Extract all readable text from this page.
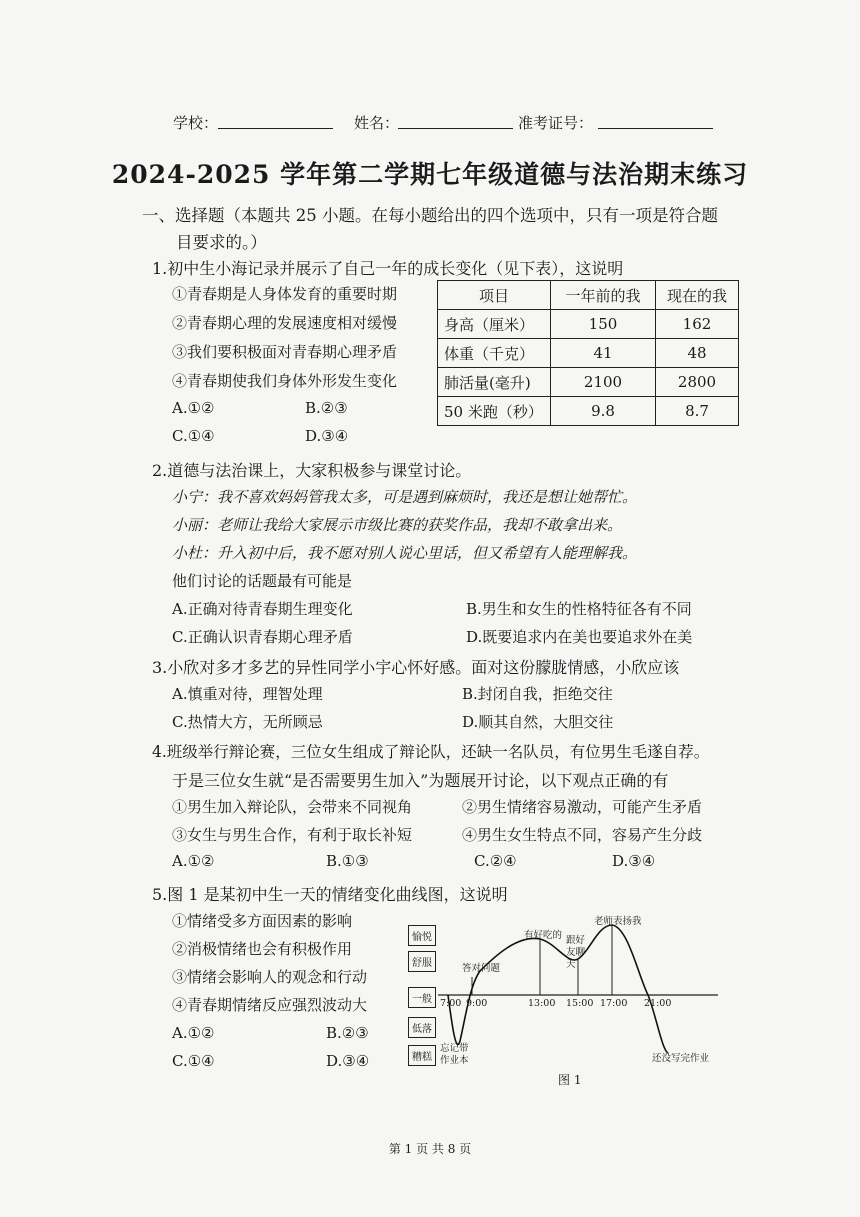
学校：	姓名：	准考证号：
2024-2025 学年第二学期七年级道德与法治期末练习
一、选择题（本题共 25 小题。在每小题给出的四个选项中，只有一项是符合题
目要求的。）
1.初中生小海记录并展示了自己一年的成长变化（见下表），这说明
①青春期是人身体发育的重要时期
②青春期心理的发展速度相对缓慢
③我们要积极面对青春期心理矛盾
④青春期使我们身体外形发生变化
A.①②	B.②③
C.①④	D.③④
项目	一年前的我	现在的我
身高（厘米）	150	162
体重（千克）	41	48
肺活量(毫升)	2100	2800
50 米跑（秒）	9.8	8.7
2.道德与法治课上，大家积极参与课堂讨论。
小宁：我不喜欢妈妈管我太多，可是遇到麻烦时，我还是想让她帮忙。
小丽：老师让我给大家展示市级比赛的获奖作品，我却不敢拿出来。
小杜：升入初中后，我不愿对别人说心里话，但又希望有人能理解我。
他们讨论的话题最有可能是
A.正确对待青春期生理变化	B.男生和女生的性格特征各有不同
C.正确认识青春期心理矛盾	D.既要追求内在美也要追求外在美
3.小欣对多才多艺的异性同学小宇心怀好感。面对这份朦胧情感，小欣应该
A.慎重对待，理智处理	B.封闭自我，拒绝交往
C.热情大方，无所顾忌	D.顺其自然，大胆交往
4.班级举行辩论赛，三位女生组成了辩论队，还缺一名队员，有位男生毛遂自荐。
于是三位女生就“是否需要男生加入”为题展开讨论，以下观点正确的有
①男生加入辩论队，会带来不同视角	②男生情绪容易激动，可能产生矛盾
③女生与男生合作，有利于取长补短	④男生女生特点不同，容易产生分歧
A.①②	B.①③	C.②④	D.③④
5.图 1 是某初中生一天的情绪变化曲线图，这说明
①情绪受多方面因素的影响
②消极情绪也会有积极作用
③情绪会影响人的观念和行动
④青春期情绪反应强烈波动大
A.①②	B.②③
C.①④	D.③④
愉悦
舒服
一般
低落
糟糕
7:00 9:00	13:00 15:00 17:00 21:00
忘记带作业本
答对问题
有好吃的 跟好友聊天
老师表扬我
还没写完作业
图 1
第 1 页 共 8 页
